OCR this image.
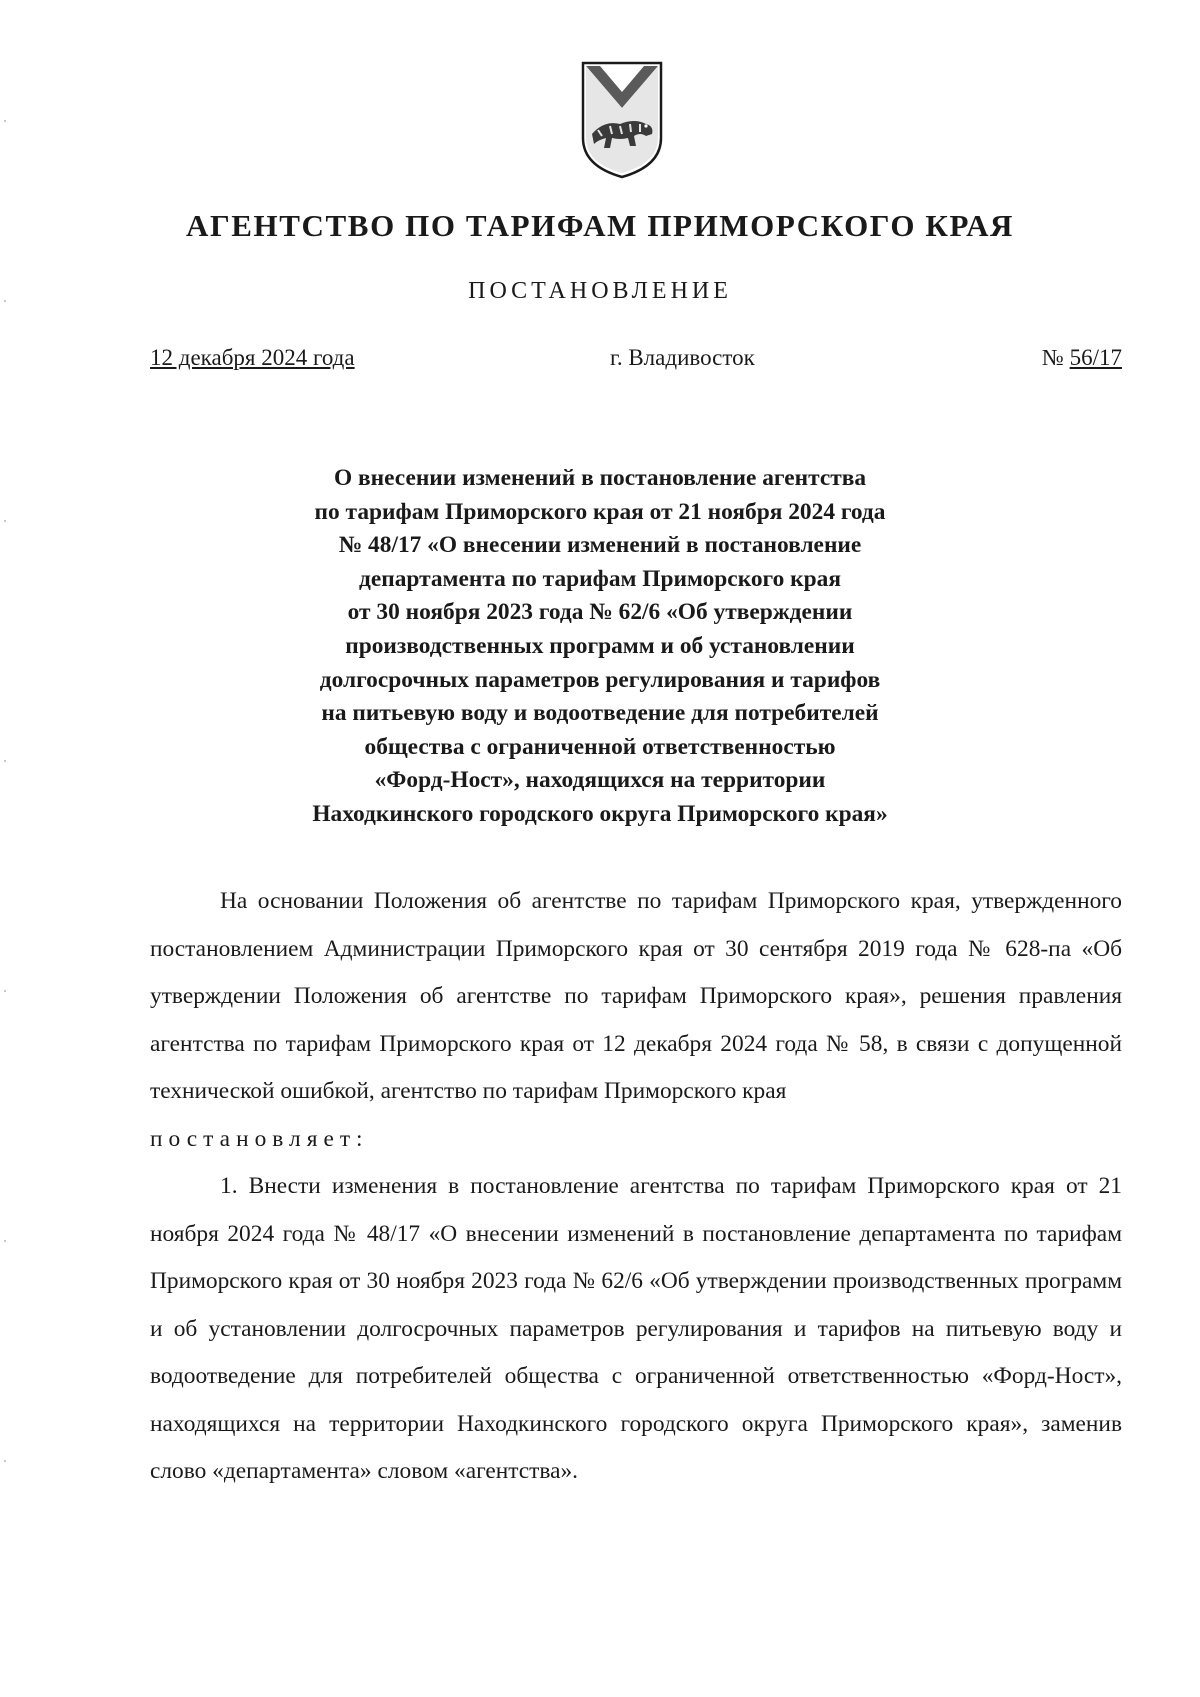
АГЕНТСТВО ПО ТАРИФАМ ПРИМОРСКОГО КРАЯ
ПОСТАНОВЛЕНИЕ
12 декабря 2024 года	г. Владивосток	№ 56/17
О внесении изменений в постановление агентства
по тарифам Приморского края от 21 ноября 2024 года
№ 48/17 «О внесении изменений в постановление
департамента по тарифам Приморского края
от 30 ноября 2023 года № 62/6 «Об утверждении
производственных программ и об установлении
долгосрочных параметров регулирования и тарифов
на питьевую воду и водоотведение для потребителей
общества с ограниченной ответственностью
«Форд-Ност», находящихся на территории
Находкинского городского округа Приморского края»

На основании Положения об агентстве по тарифам Приморского края, утвержденного постановлением Администрации Приморского края от 30 сентября 2019 года № 628-па «Об утверждении Положения об агентстве по тарифам Приморского края», решения правления агентства по тарифам Приморского края от 12 декабря 2024 года № 58, в связи с допущенной технической ошибкой, агентство по тарифам Приморского края

постановляет:

1. Внести изменения в постановление агентства по тарифам Приморского края от 21 ноября 2024 года № 48/17 «О внесении изменений в постановление департамента по тарифам Приморского края от 30 ноября 2023 года № 62/6 «Об утверждении производственных программ и об установлении долгосрочных параметров регулирования и тарифов на питьевую воду и водоотведение для потребителей общества с ограниченной ответственностью «Форд-Ност», находящихся на территории Находкинского городского округа Приморского края», заменив слово «департамента» словом «агентства».
